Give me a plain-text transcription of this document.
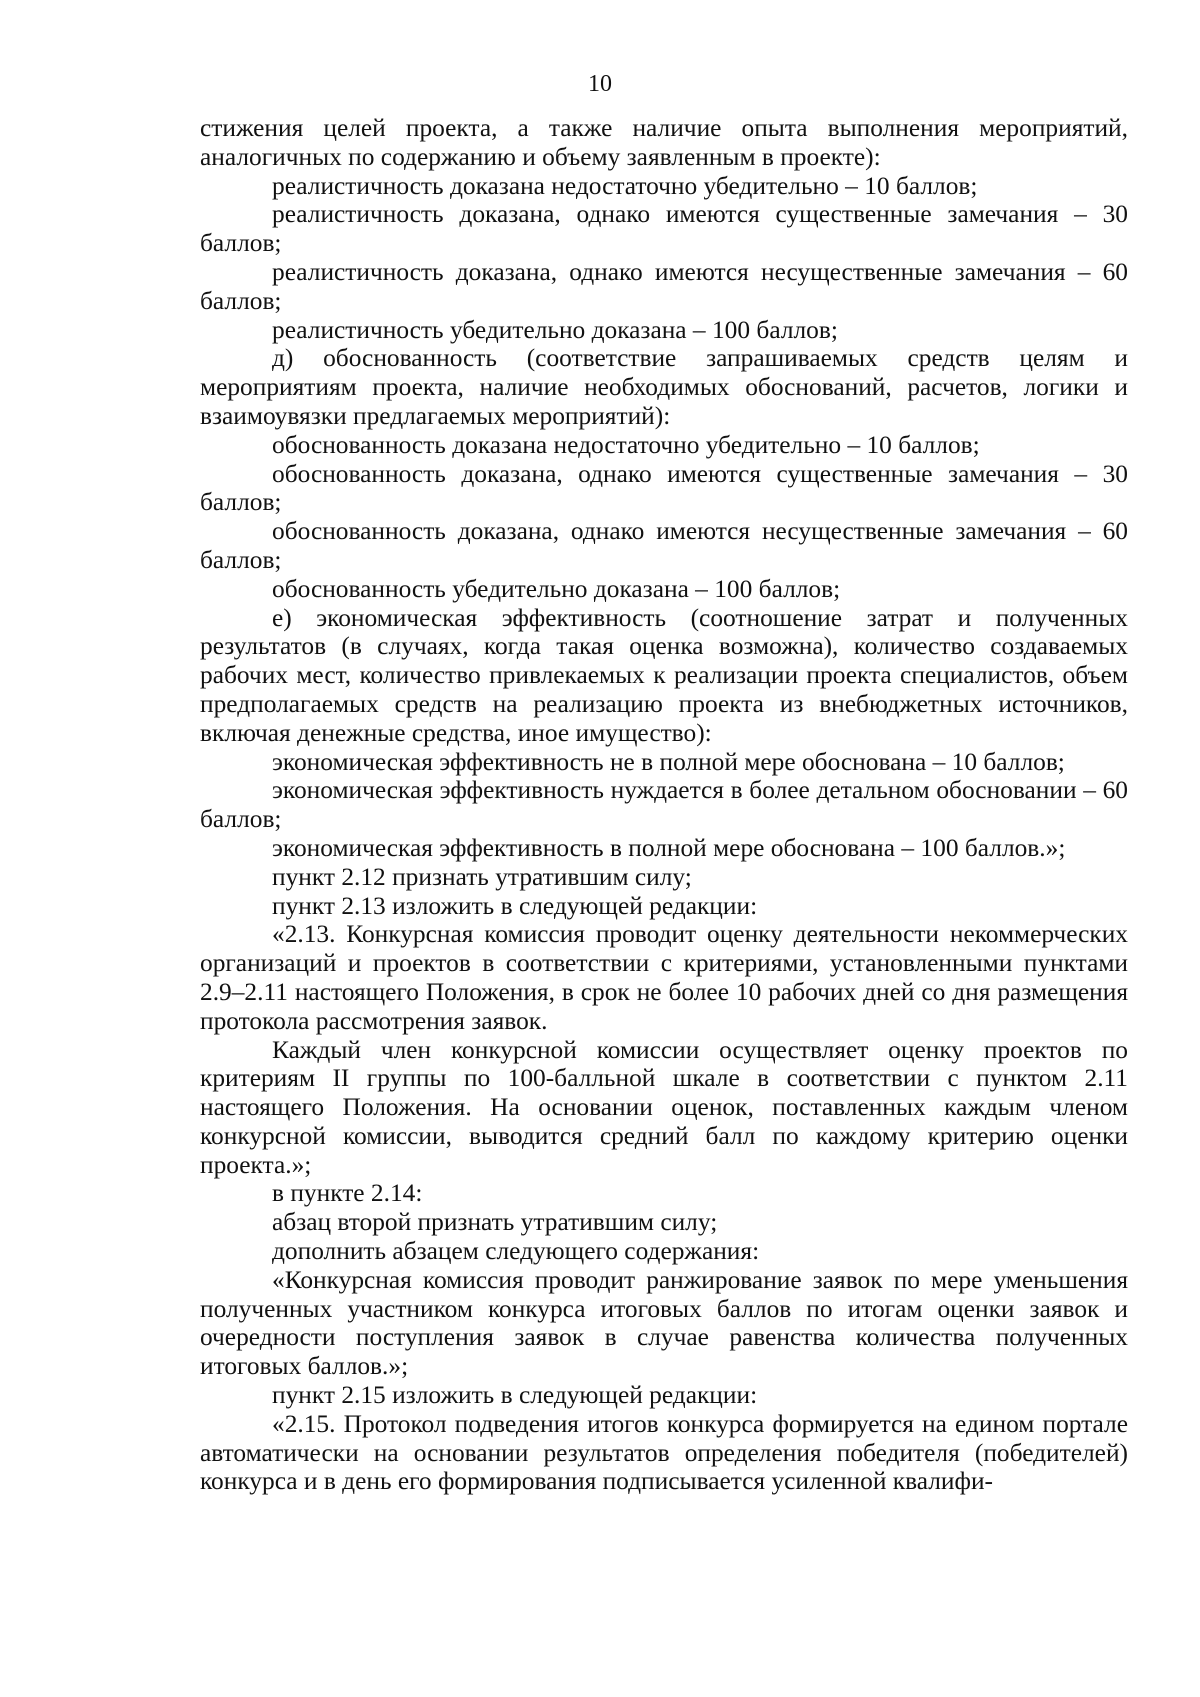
10

стижения целей проекта, а также наличие опыта выполнения мероприятий, аналогичных по содержанию и объему заявленным в проекте):

реалистичность доказана недостаточно убедительно – 10 баллов;

реалистичность доказана, однако имеются существенные замечания – 30 баллов;

реалистичность доказана, однако имеются несущественные замечания – 60 баллов;

реалистичность убедительно доказана – 100 баллов;

д) обоснованность (соответствие запрашиваемых средств целям и мероприятиям проекта, наличие необходимых обоснований, расчетов, логики и взаимоувязки предлагаемых мероприятий):

обоснованность доказана недостаточно убедительно – 10 баллов;

обоснованность доказана, однако имеются существенные замечания – 30 баллов;

обоснованность доказана, однако имеются несущественные замечания – 60 баллов;

обоснованность убедительно доказана – 100 баллов;

е) экономическая эффективность (соотношение затрат и полученных результатов (в случаях, когда такая оценка возможна), количество создаваемых рабочих мест, количество привлекаемых к реализации проекта специалистов, объем предполагаемых средств на реализацию проекта из внебюджетных источников, включая денежные средства, иное имущество):

экономическая эффективность не в полной мере обоснована – 10 баллов;

экономическая эффективность нуждается в более детальном обосновании – 60 баллов;

экономическая эффективность в полной мере обоснована – 100 баллов.»;

пункт 2.12 признать утратившим силу;

пункт 2.13 изложить в следующей редакции:

«2.13. Конкурсная комиссия проводит оценку деятельности некоммерческих организаций и проектов в соответствии с критериями, установленными пунктами 2.9–2.11 настоящего Положения, в срок не более 10 рабочих дней со дня размещения протокола рассмотрения заявок.

Каждый член конкурсной комиссии осуществляет оценку проектов по критериям II группы по 100-балльной шкале в соответствии с пунктом 2.11 настоящего Положения. На основании оценок, поставленных каждым членом конкурсной комиссии, выводится средний балл по каждому критерию оценки проекта.»;

в пункте 2.14:

абзац второй признать утратившим силу;

дополнить абзацем следующего содержания:

«Конкурсная комиссия проводит ранжирование заявок по мере уменьшения полученных участником конкурса итоговых баллов по итогам оценки заявок и очередности поступления заявок в случае равенства количества полученных итоговых баллов.»;

пункт 2.15 изложить в следующей редакции:

«2.15. Протокол подведения итогов конкурса формируется на едином портале автоматически на основании результатов определения победителя (победителей) конкурса и в день его формирования подписывается усиленной квалифи-
